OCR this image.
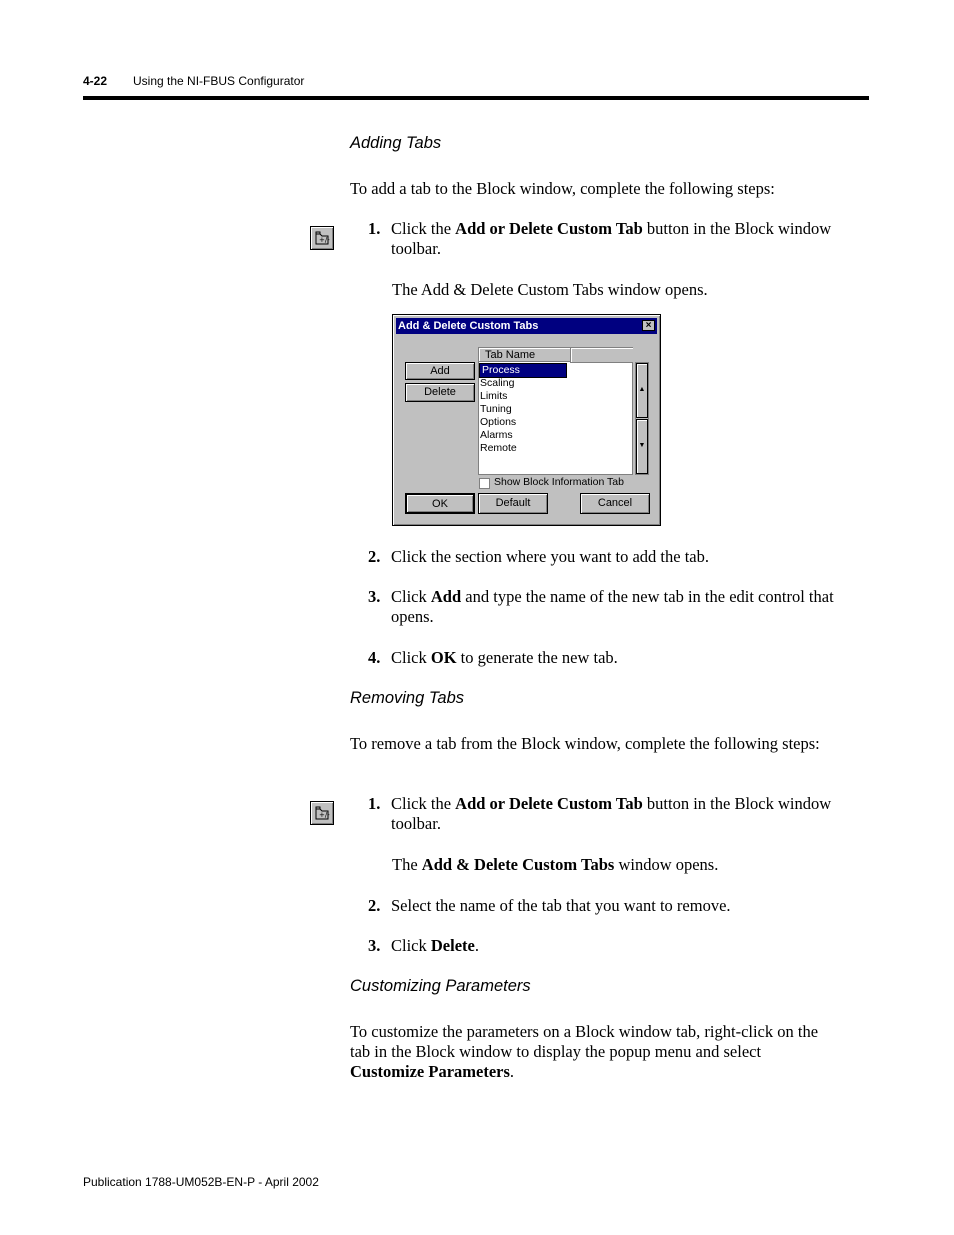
4-22 Using the NI-FBUS Configurator
Adding Tabs
To add a tab to the Block window, complete the following steps:
+/-
1. Click the Add or Delete Custom Tab button in the Block window toolbar.
The Add & Delete Custom Tabs window opens.
Add & Delete Custom Tabs	×
Add
Delete
Tab Name
Process
Scaling
Limits
Tuning
Options
Alarms
Remote
▲
▼
Show Block Information Tab
OK	Default	Cancel
2. Click the section where you want to add the tab.
3. Click Add and type the name of the new tab in the edit control that opens.
4. Click OK to generate the new tab.
Removing Tabs
To remove a tab from the Block window, complete the following steps:
+/-
1. Click the Add or Delete Custom Tab button in the Block window toolbar.
The Add & Delete Custom Tabs window opens.
2. Select the name of the tab that you want to remove.
3. Click Delete.
Customizing Parameters
To customize the parameters on a Block window tab, right-click on the tab in the Block window to display the popup menu and select Customize Parameters.
Publication 1788-UM052B-EN-P - April 2002
